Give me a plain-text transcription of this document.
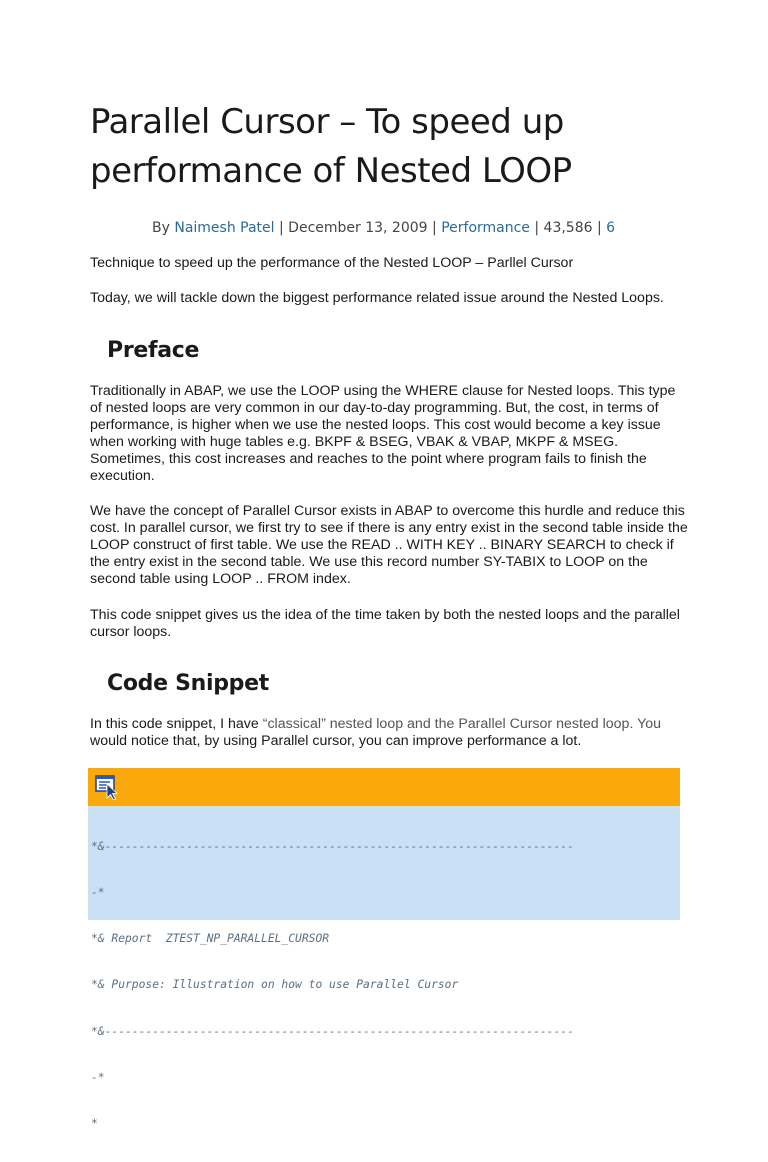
Parallel Cursor – To speed up performance of Nested LOOP
By Naimesh Patel | December 13, 2009 | Performance | 43,586 | 6

Technique to speed up the performance of the Nested LOOP – Parllel Cursor

Today, we will tackle down the biggest performance related issue around the Nested Loops.

Preface

Traditionally in ABAP, we use the LOOP using the WHERE clause for Nested loops. This type of nested loops are very common in our day-to-day programming. But, the cost, in terms of performance, is higher when we use the nested loops. This cost would become a key issue when working with huge tables e.g. BKPF & BSEG, VBAK & VBAP, MKPF & MSEG. Sometimes, this cost increases and reaches to the point where program fails to finish the execution.

We have the concept of Parallel Cursor exists in ABAP to overcome this hurdle and reduce this cost. In parallel cursor, we first try to see if there is any entry exist in the second table inside the LOOP construct of first table. We use the READ .. WITH KEY .. BINARY SEARCH to check if the entry exist in the second table. We use this record number SY-TABIX to LOOP on the second table using LOOP .. FROM index.

This code snippet gives us the idea of the time taken by both the nested loops and the parallel cursor loops.

Code Snippet

In this code snippet, I have “classical” nested loop and the Parallel Cursor nested loop. You would notice that, by using Parallel cursor, you can improve performance a lot.

*&---------------------------------------------------------------------

-*

*& Report  ZTEST_NP_PARALLEL_CURSOR

*& Purpose: Illustration on how to use Parallel Cursor

*&---------------------------------------------------------------------

-*

*
